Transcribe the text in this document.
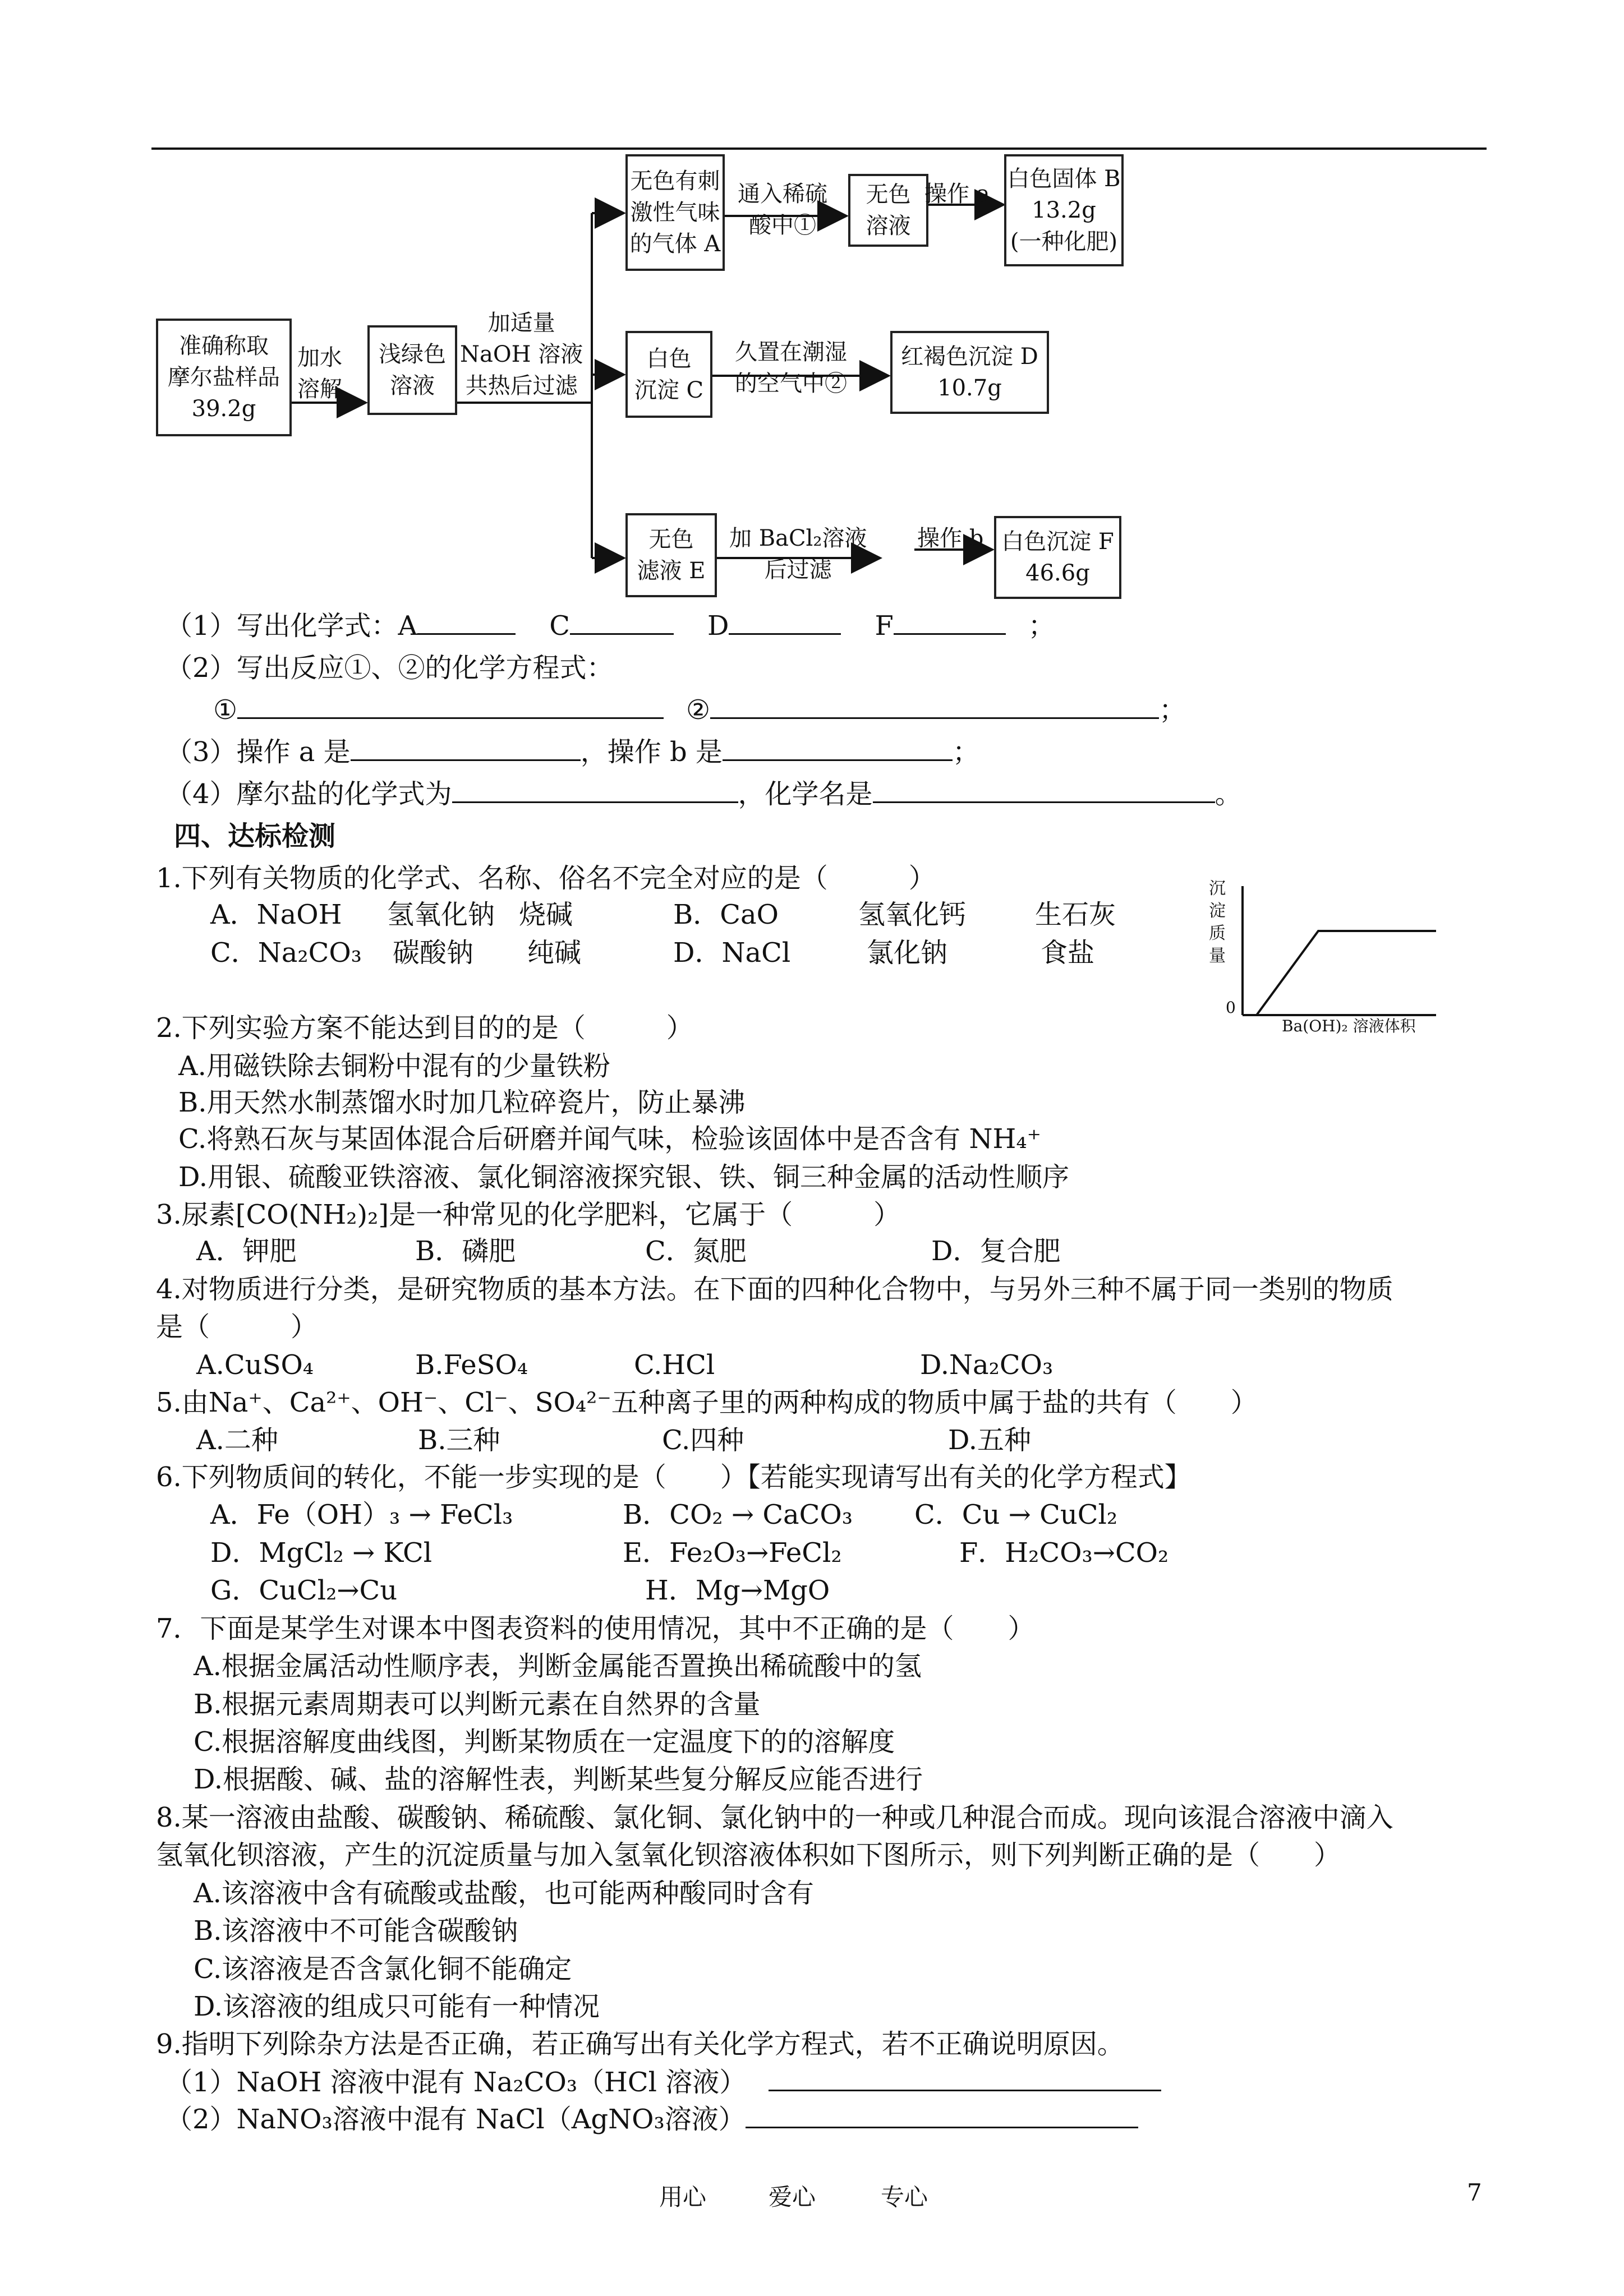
准确称取
摩尔盐样品
39.2g
加水
溶解
浅绿色
溶液
加适量
NaOH 溶液
共热后过滤
无色有刺
激性气味
的气体 A
通入稀硫
酸中①
无色
溶液
操作 a
白色固体 B
13.2g
(一种化肥)
白色
沉淀 C
久置在潮湿
的空气中②
红褐色沉淀 D
10.7g
无色
滤液 E
加 BaCl₂溶液
后过滤
操作 b 白色沉淀 F
46.6g
（1）写出化学式：A	C	D	F	；
（2）写出反应①、②的化学方程式：
①	②	；
（3）操作 a 是	，操作 b 是	；
（4）摩尔盐的化学式为	，化学名是	。
四、达标检测
1.下列有关物质的化学式、名称、俗名不完全对应的是（　　　）
A．NaOH 氢氧化钠 烧碱	B．CaO	氢氧化钙	生石灰
C．Na₂CO₃ 碳酸钠 纯碱	D．NaCl	氯化钠	食盐
沉淀质量
0
Ba(OH)₂ 溶液体积
2.下列实验方案不能达到目的的是（　　　）
A.用磁铁除去铜粉中混有的少量铁粉
B.用天然水制蒸馏水时加几粒碎瓷片，防止暴沸
C.将熟石灰与某固体混合后研磨并闻气味，检验该固体中是否含有 NH₄⁺
D.用银、硫酸亚铁溶液、氯化铜溶液探究银、铁、铜三种金属的活动性顺序
3.尿素[CO(NH₂)₂]是一种常见的化学肥料，它属于（　　　）
A．钾肥	B．磷肥	C．氮肥	D．复合肥
4.对物质进行分类，是研究物质的基本方法。在下面的四种化合物中，与另外三种不属于同一类别的物质
是（　　　）
A.CuSO₄	B.FeSO₄	C.HCl	D.Na₂CO₃
5.由Na⁺、Ca²⁺、OH⁻、Cl⁻、SO₄²⁻五种离子里的两种构成的物质中属于盐的共有（　　）
A.二种	B.三种	C.四种	D.五种
6.下列物质间的转化，不能一步实现的是（　　）【若能实现请写出有关的化学方程式】
A．Fe（OH）₃ → FeCl₃	B．CO₂ → CaCO₃ C．Cu → CuCl₂
D．MgCl₂ → KCl	E．Fe₂O₃→FeCl₂	F．H₂CO₃→CO₂
G．CuCl₂→Cu	H．Mg→MgO
7．下面是某学生对课本中图表资料的使用情况，其中不正确的是（　　）
A.根据金属活动性顺序表，判断金属能否置换出稀硫酸中的氢
B.根据元素周期表可以判断元素在自然界的含量
C.根据溶解度曲线图，判断某物质在一定温度下的的溶解度
D.根据酸、碱、盐的溶解性表，判断某些复分解反应能否进行
8.某一溶液由盐酸、碳酸钠、稀硫酸、氯化铜、氯化钠中的一种或几种混合而成。现向该混合溶液中滴入
氢氧化钡溶液，产生的沉淀质量与加入氢氧化钡溶液体积如下图所示，则下列判断正确的是（　　）
A.该溶液中含有硫酸或盐酸，也可能两种酸同时含有
B.该溶液中不可能含碳酸钠
C.该溶液是否含氯化铜不能确定
D.该溶液的组成只可能有一种情况
9.指明下列除杂方法是否正确，若正确写出有关化学方程式，若不正确说明原因。
（1）NaOH 溶液中混有 Na₂CO₃（HCl 溶液）
（2）NaNO₃溶液中混有 NaCl（AgNO₃溶液）
用心	爱心	专心	7
